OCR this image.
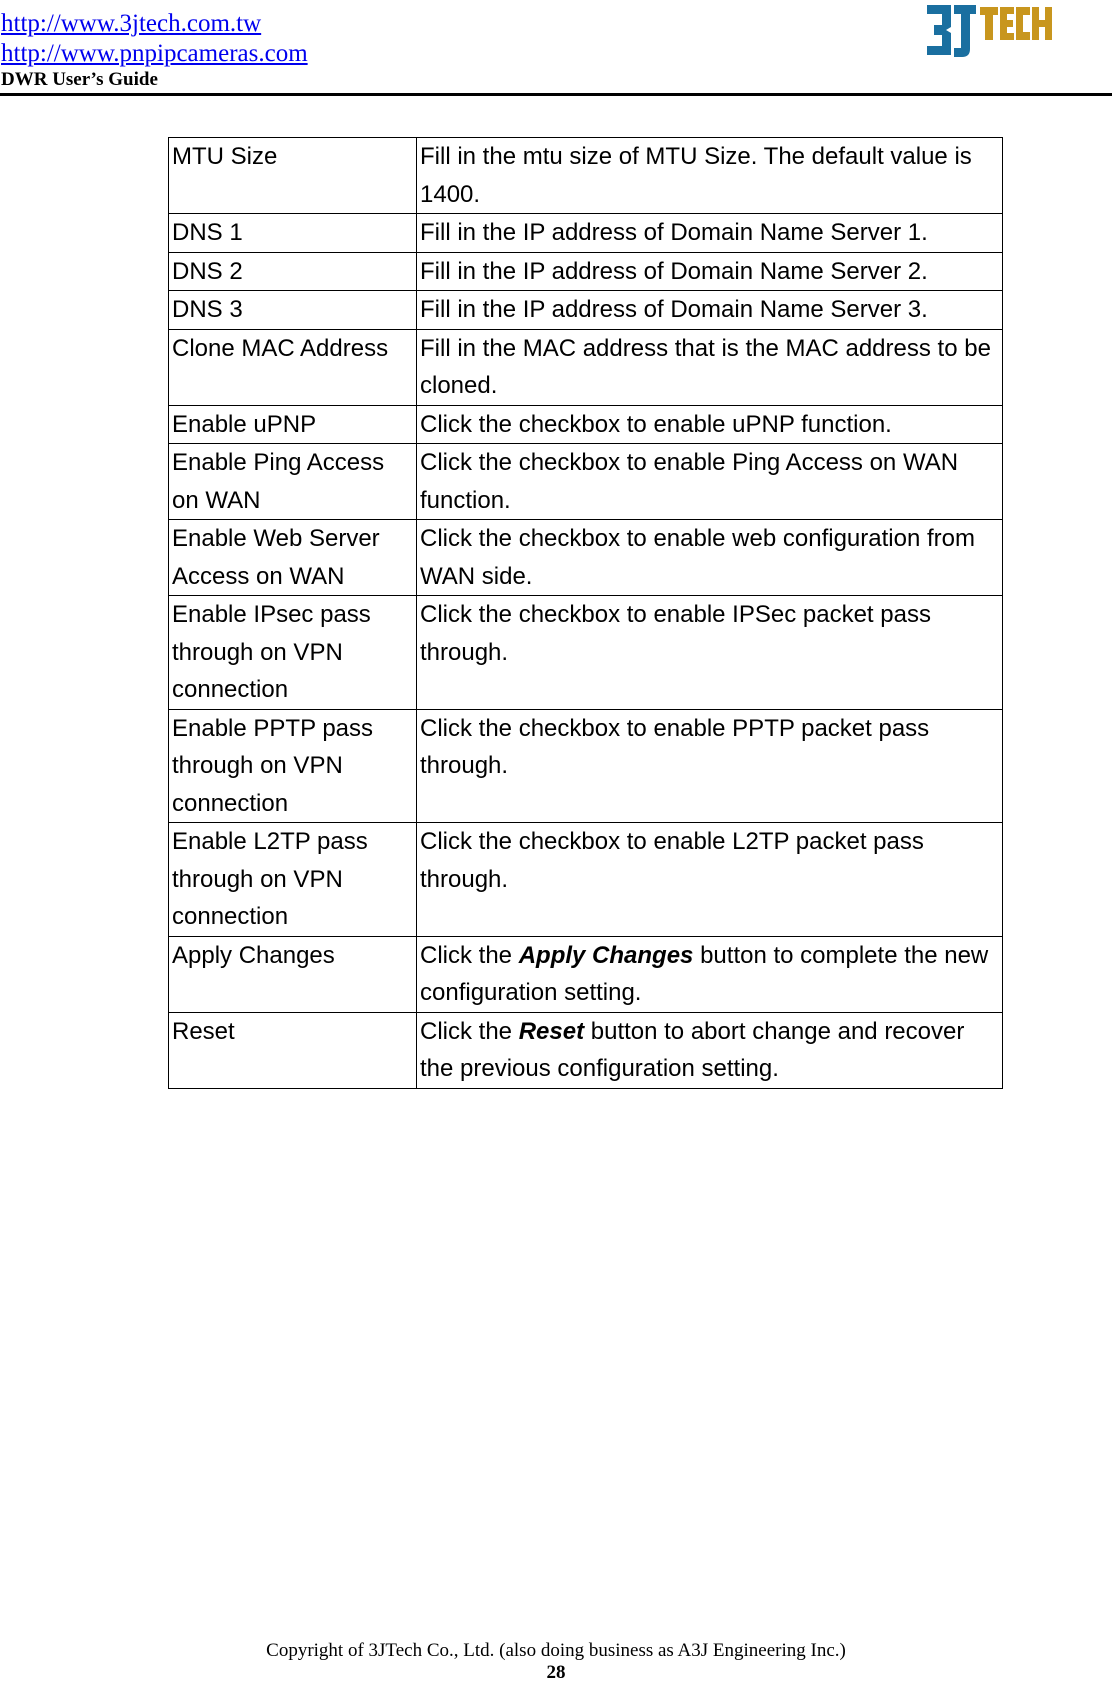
http://www.3jtech.com.tw
http://www.pnpipcameras.com
DWR User’s Guide
MTU Size	Fill in the mtu size of MTU Size. The default value is 1400.
DNS 1	Fill in the IP address of Domain Name Server 1.
DNS 2	Fill in the IP address of Domain Name Server 2.
DNS 3	Fill in the IP address of Domain Name Server 3.
Clone MAC Address	Fill in the MAC address that is the MAC address to be cloned.
Enable uPNP	Click the checkbox to enable uPNP function.
Enable Ping Access on WAN	Click the checkbox to enable Ping Access on WAN function.
Enable Web Server Access on WAN	Click the checkbox to enable web configuration from WAN side.
Enable IPsec pass through on VPN connection	Click the checkbox to enable IPSec packet pass through.
Enable PPTP pass through on VPN connection	Click the checkbox to enable PPTP packet pass through.
Enable L2TP pass through on VPN connection	Click the checkbox to enable L2TP packet pass through.
Apply Changes	Click the Apply Changes button to complete the new configuration setting.
Reset	Click the Reset button to abort change and recover the previous configuration setting.
Copyright of 3JTech Co., Ltd. (also doing business as A3J Engineering Inc.)
28
